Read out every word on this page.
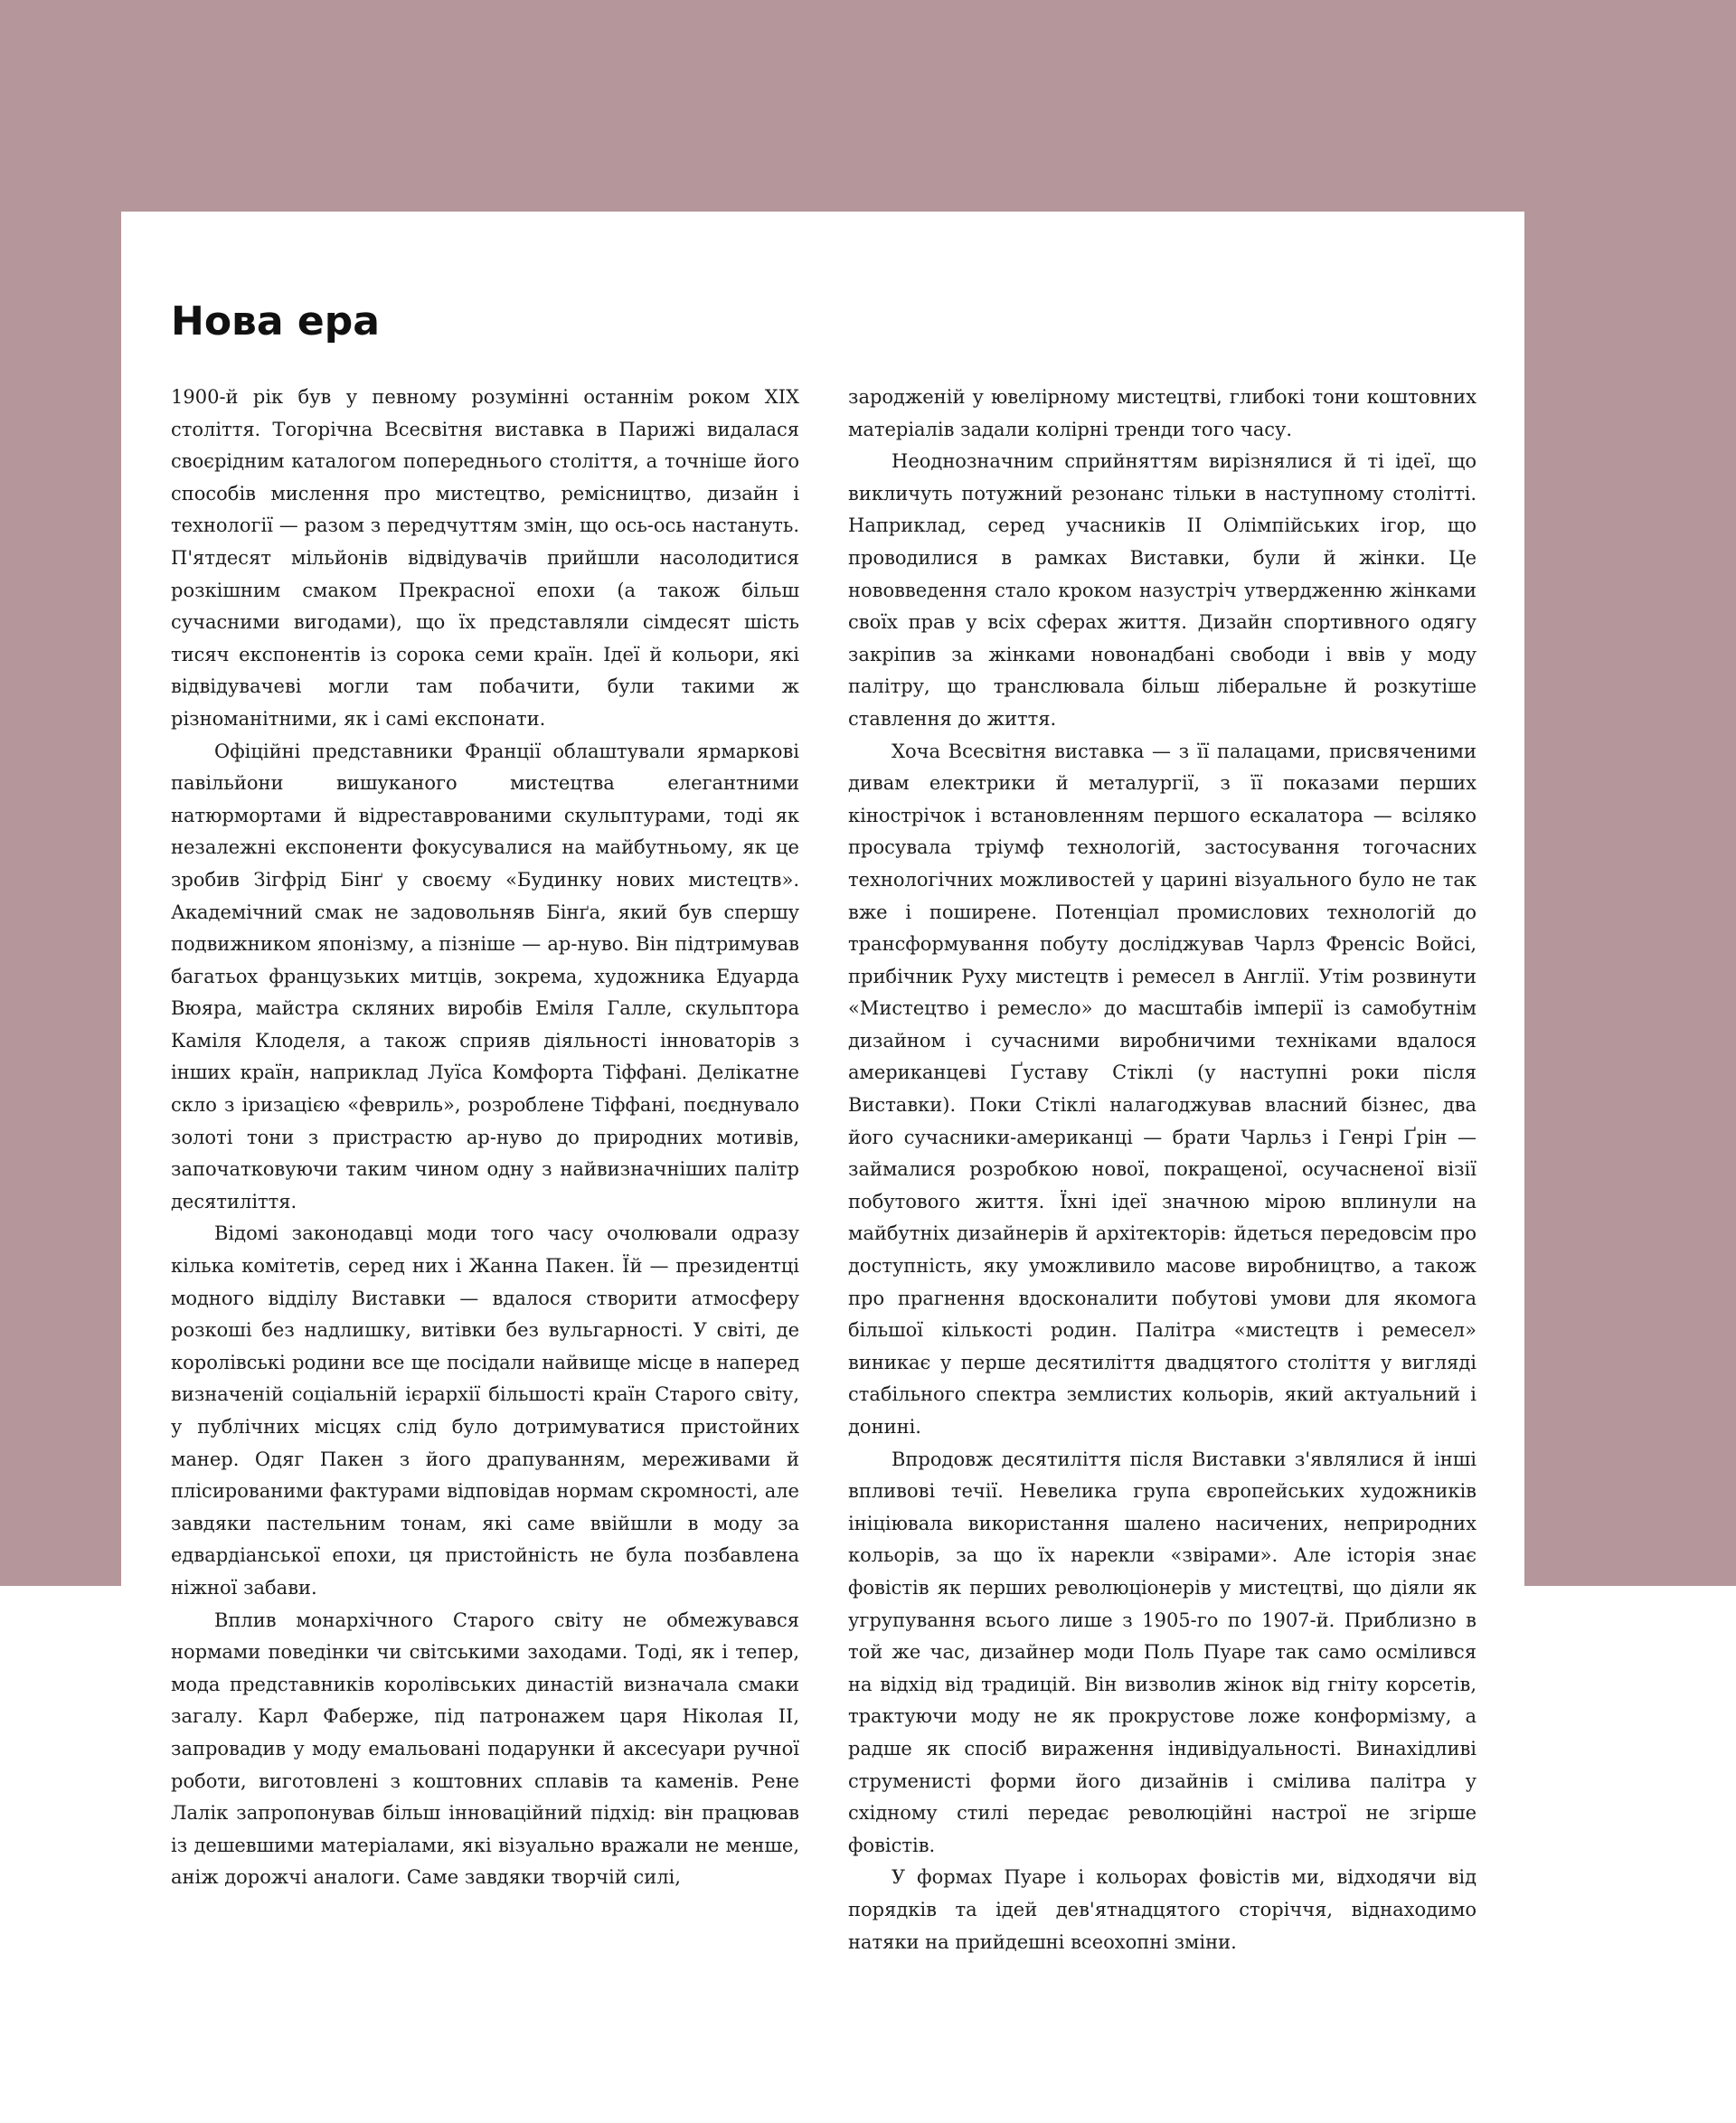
Нова ера

1900-й рік був у певному розумінні останнім роком XIX століття. Тогорічна Всесвітня виставка в Парижі видалася своєрідним каталогом попереднього століття, а точніше його способів мислення про мистецтво, ремісництво, дизайн і технології — разом з передчуттям змін, що ось-ось настануть. П'ятдесят мільйонів відвідувачів прийшли насолодитися розкішним смаком Прекрасної епохи (а також більш сучасними вигодами), що їх представляли сімдесят шість тисяч експонентів із сорока семи країн. Ідеї й кольори, які відвідувачеві могли там побачити, були такими ж різноманітними, як і самі експонати.

Офіційні представники Франції облаштували ярмаркові павільйони вишуканого мистецтва елегантними натюрмортами й відреставрованими скульптурами, тоді як незалежні експоненти фокусувалися на майбутньому, як це зробив Зігфрід Бінґ у своєму «Будинку нових мистецтв». Академічний смак не задовольняв Бінґа, який був спершу подвижником японізму, а пізніше — ар-нуво. Він підтримував багатьох французьких митців, зокрема, художника Едуарда Вюяра, майстра скляних виробів Еміля Галле, скульптора Каміля Клоделя, а також сприяв діяльності інноваторів з інших країн, наприклад Луїса Комфорта Тіффані. Делікатне скло з іризацією «февриль», розроблене Тіффані, поєднувало золоті тони з пристрастю ар-нуво до природних мотивів, започатковуючи таким чином одну з найвизначніших палітр десятиліття.

Відомі законодавці моди того часу очолювали одразу кілька комітетів, серед них і Жанна Пакен. Їй — президентці модного відділу Виставки — вдалося створити атмосферу розкоші без надлишку, витівки без вульгарності. У світі, де королівські родини все ще посідали найвище місце в наперед визначеній соціальній ієрархії більшості країн Старого світу, у публічних місцях слід було дотримуватися пристойних манер. Одяг Пакен з його драпуванням, мереживами й плісированими фактурами відповідав нормам скромності, але завдяки пастельним тонам, які саме ввійшли в моду за едвардіанської епохи, ця пристойність не була позбавлена ніжної забави.

Вплив монархічного Старого світу не обмежувався нормами поведінки чи світськими заходами. Тоді, як і тепер, мода представників королівських династій визначала смаки загалу. Карл Фаберже, під патронажем царя Ніколая II, запровадив у моду емальовані подарунки й аксесуари ручної роботи, виготовлені з коштовних сплавів та каменів. Рене Лалік запропонував більш інноваційний підхід: він працював із дешевшими матеріалами, які візуально вражали не менше, аніж дорожчі аналоги. Саме завдяки творчій силі,

зародженій у ювелірному мистецтві, глибокі тони коштовних матеріалів задали колірні тренди того часу.

Неоднозначним сприйняттям вирізнялися й ті ідеї, що викличуть потужний резонанс тільки в наступному столітті. Наприклад, серед учасників II Олімпійських ігор, що проводилися в рамках Виставки, були й жінки. Це нововведення стало кроком назустріч утвердженню жінками своїх прав у всіх сферах життя. Дизайн спортивного одягу закріпив за жінками новонадбані свободи і ввів у моду палітру, що транслювала більш ліберальне й розкутіше ставлення до життя.

Хоча Всесвітня виставка — з її палацами, присвяченими дивам електрики й металургії, з її показами перших кінострічок і встановленням першого ескалатора — всіляко просувала тріумф технологій, застосування тогочасних технологічних можливостей у царині візуального було не так вже і поширене. Потенціал промислових технологій до трансформування побуту досліджував Чарлз Френсіс Войсі, прибічник Руху мистецтв і ремесел в Англії. Утім розвинути «Мистецтво і ремесло» до масштабів імперії із самобутнім дизайном і сучасними виробничими техніками вдалося американцеві Ґуставу Стіклі (у наступні роки після Виставки). Поки Стіклі налагоджував власний бізнес, два його сучасники-американці — брати Чарльз і Генрі Ґрін — займалися розробкою нової, покращеної, осучасненої візії побутового життя. Їхні ідеї значною мірою вплинули на майбутніх дизайнерів й архітекторів: йдеться передовсім про доступність, яку уможливило масове виробництво, а також про прагнення вдосконалити побутові умови для якомога більшої кількості родин. Палітра «мистецтв і ремесел» виникає у перше десятиліття двадцятого століття у вигляді стабільного спектра землистих кольорів, який актуальний і донині.

Впродовж десятиліття після Виставки з'являлися й інші впливові течії. Невелика група європейських художників ініціювала використання шалено насичених, неприродних кольорів, за що їх нарекли «звірами». Але історія знає фовістів як перших революціонерів у мистецтві, що діяли як угрупування всього лише з 1905-го по 1907-й. Приблизно в той же час, дизайнер моди Поль Пуаре так само осмілився на відхід від традицій. Він визволив жінок від гніту корсетів, трактуючи моду не як прокрустове ложе конформізму, а радше як спосіб вираження індивідуальності. Винахідливі струменисті форми його дизайнів і смілива палітра у східному стилі передає революційні настрої не згірше фовістів.

У формах Пуаре і кольорах фовістів ми, відходячи від порядків та ідей дев'ятнадцятого сторіччя, віднаходимо натяки на прийдешні всеохопні зміни.
